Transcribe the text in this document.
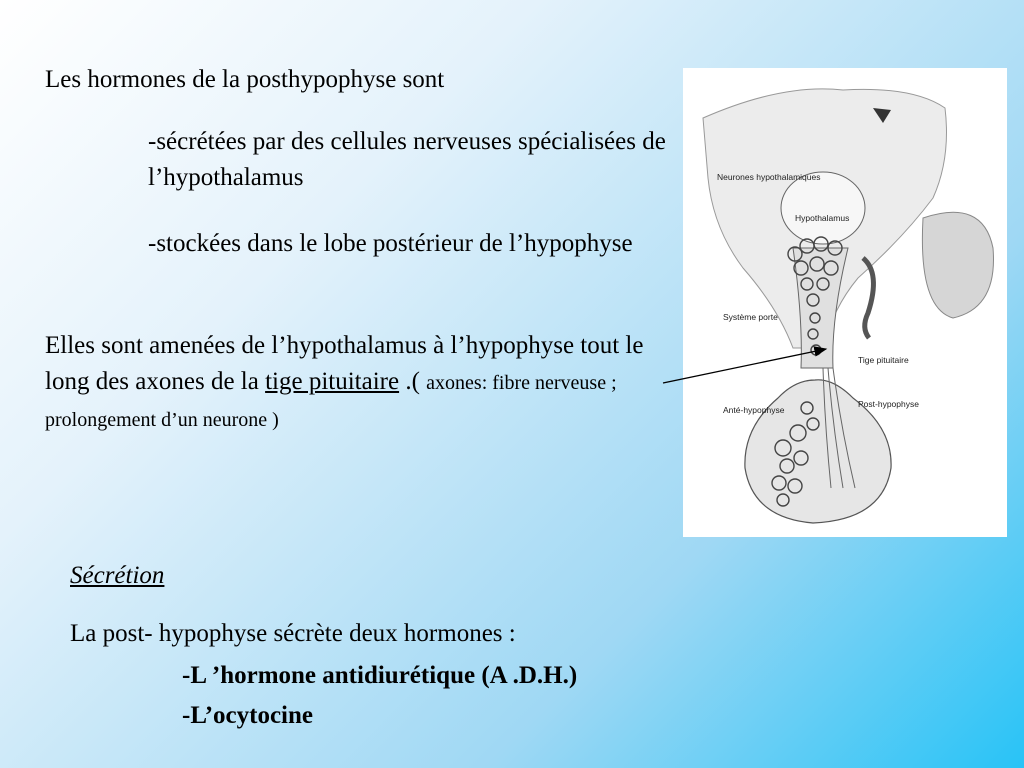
Les hormones de la posthypophyse sont

-sécrétées par des cellules nerveuses spécialisées de l’hypothalamus

-stockées dans le lobe postérieur de l’hypophyse

Elles sont amenées de l’hypothalamus à l’hypophyse tout le long des axones de la tige pituitaire .( axones: fibre nerveuse ; prolongement d’un neurone )

Sécrétion

La post- hypophyse sécrète deux hormones :

-L ’hormone antidiurétique (A .D.H.)

-L’ocytocine

Neurones hypothalamiques
Hypothalamus
Système porte
Tige pituitaire
Anté-hypophyse
Post-hypophyse
